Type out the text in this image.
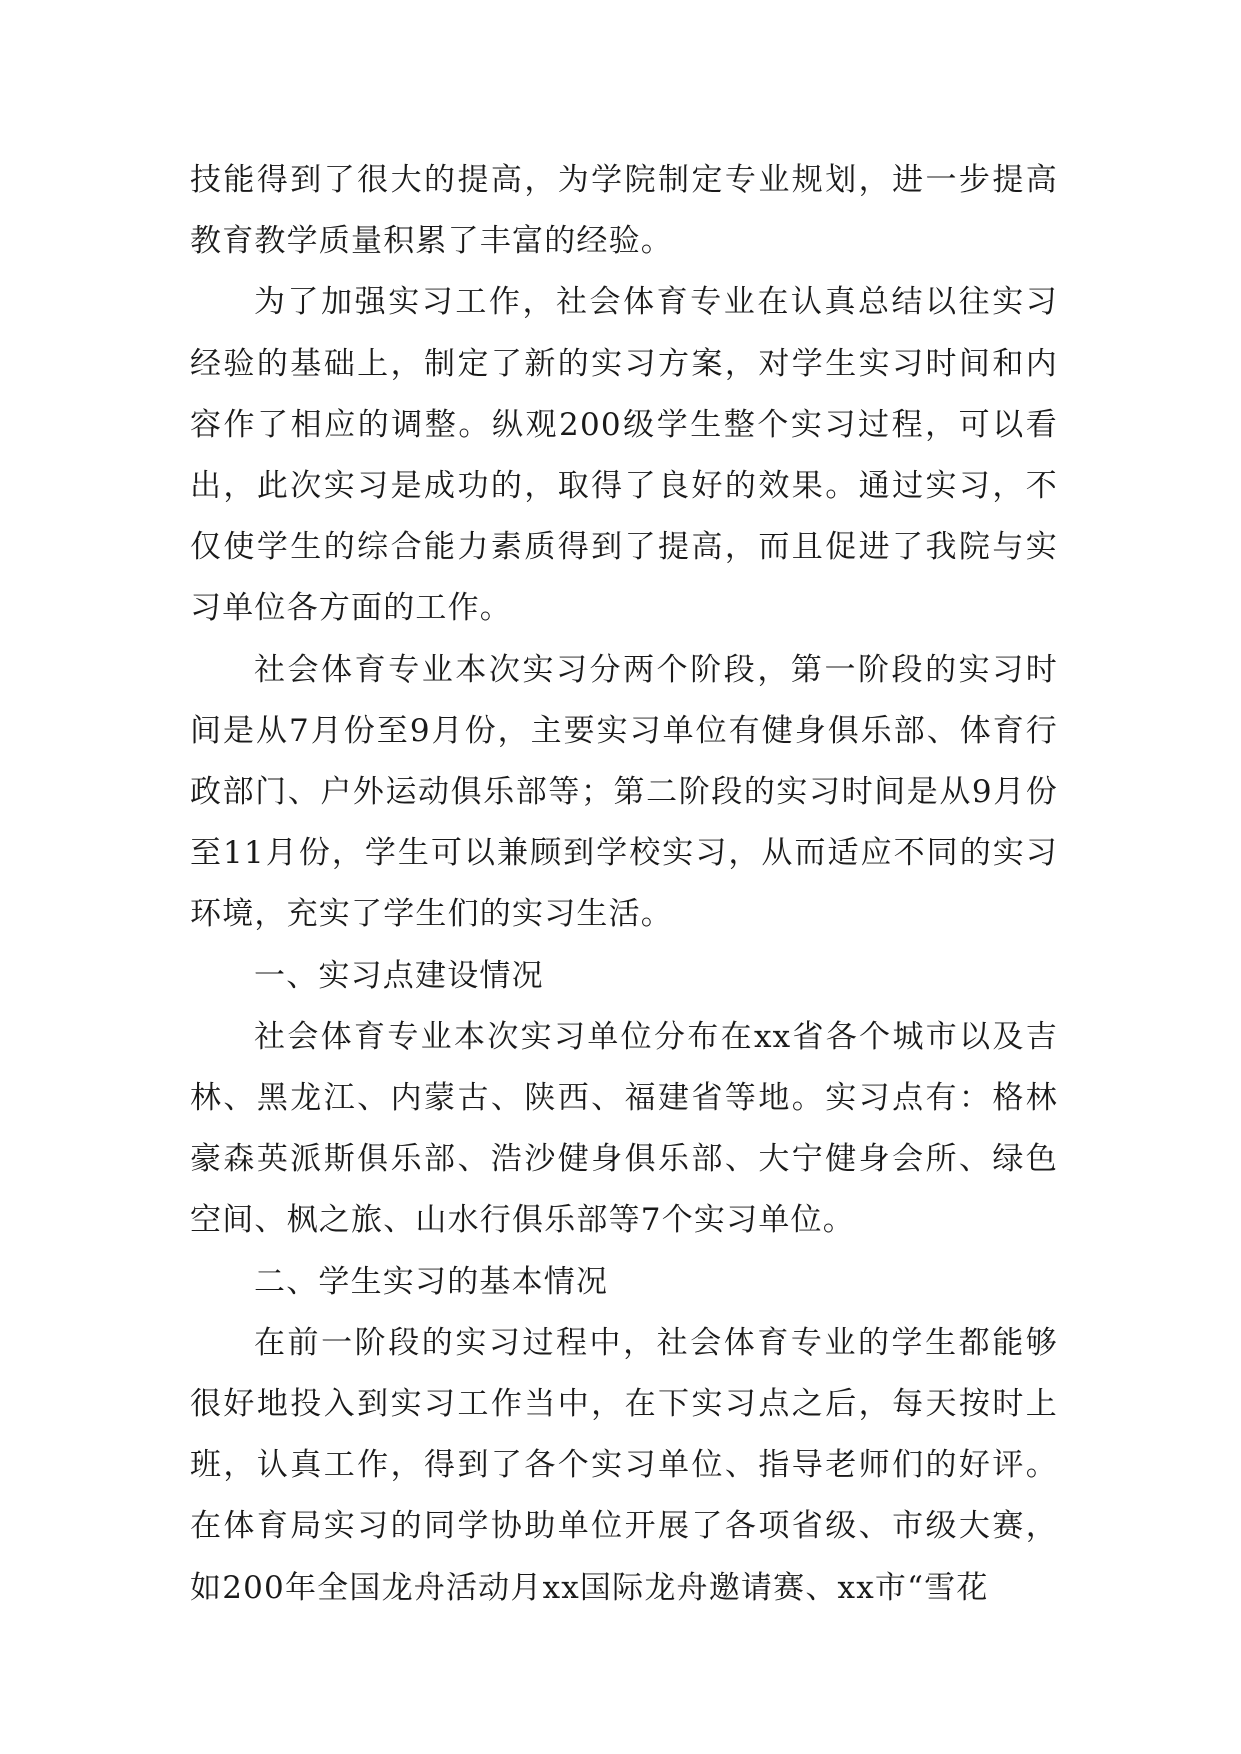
技能得到了很大的提高，为学院制定专业规划，进一步提高教育教学质量积累了丰富的经验。

为了加强实习工作，社会体育专业在认真总结以往实习经验的基础上，制定了新的实习方案，对学生实习时间和内容作了相应的调整。纵观200级学生整个实习过程，可以看出，此次实习是成功的，取得了良好的效果。通过实习，不仅使学生的综合能力素质得到了提高，而且促进了我院与实习单位各方面的工作。

社会体育专业本次实习分两个阶段，第一阶段的实习时间是从7月份至9月份，主要实习单位有健身俱乐部、体育行政部门、户外运动俱乐部等；第二阶段的实习时间是从9月份至11月份，学生可以兼顾到学校实习，从而适应不同的实习环境，充实了学生们的实习生活。

一、实习点建设情况

社会体育专业本次实习单位分布在xx省各个城市以及吉林、黑龙江、内蒙古、陕西、福建省等地。实习点有：格林豪森英派斯俱乐部、浩沙健身俱乐部、大宁健身会所、绿色空间、枫之旅、山水行俱乐部等7个实习单位。

二、学生实习的基本情况

在前一阶段的实习过程中，社会体育专业的学生都能够很好地投入到实习工作当中，在下实习点之后，每天按时上班，认真工作，得到了各个实习单位、指导老师们的好评。在体育局实习的同学协助单位开展了各项省级、市级大赛，如200年全国龙舟活动月xx国际龙舟邀请赛、xx市“雪花
